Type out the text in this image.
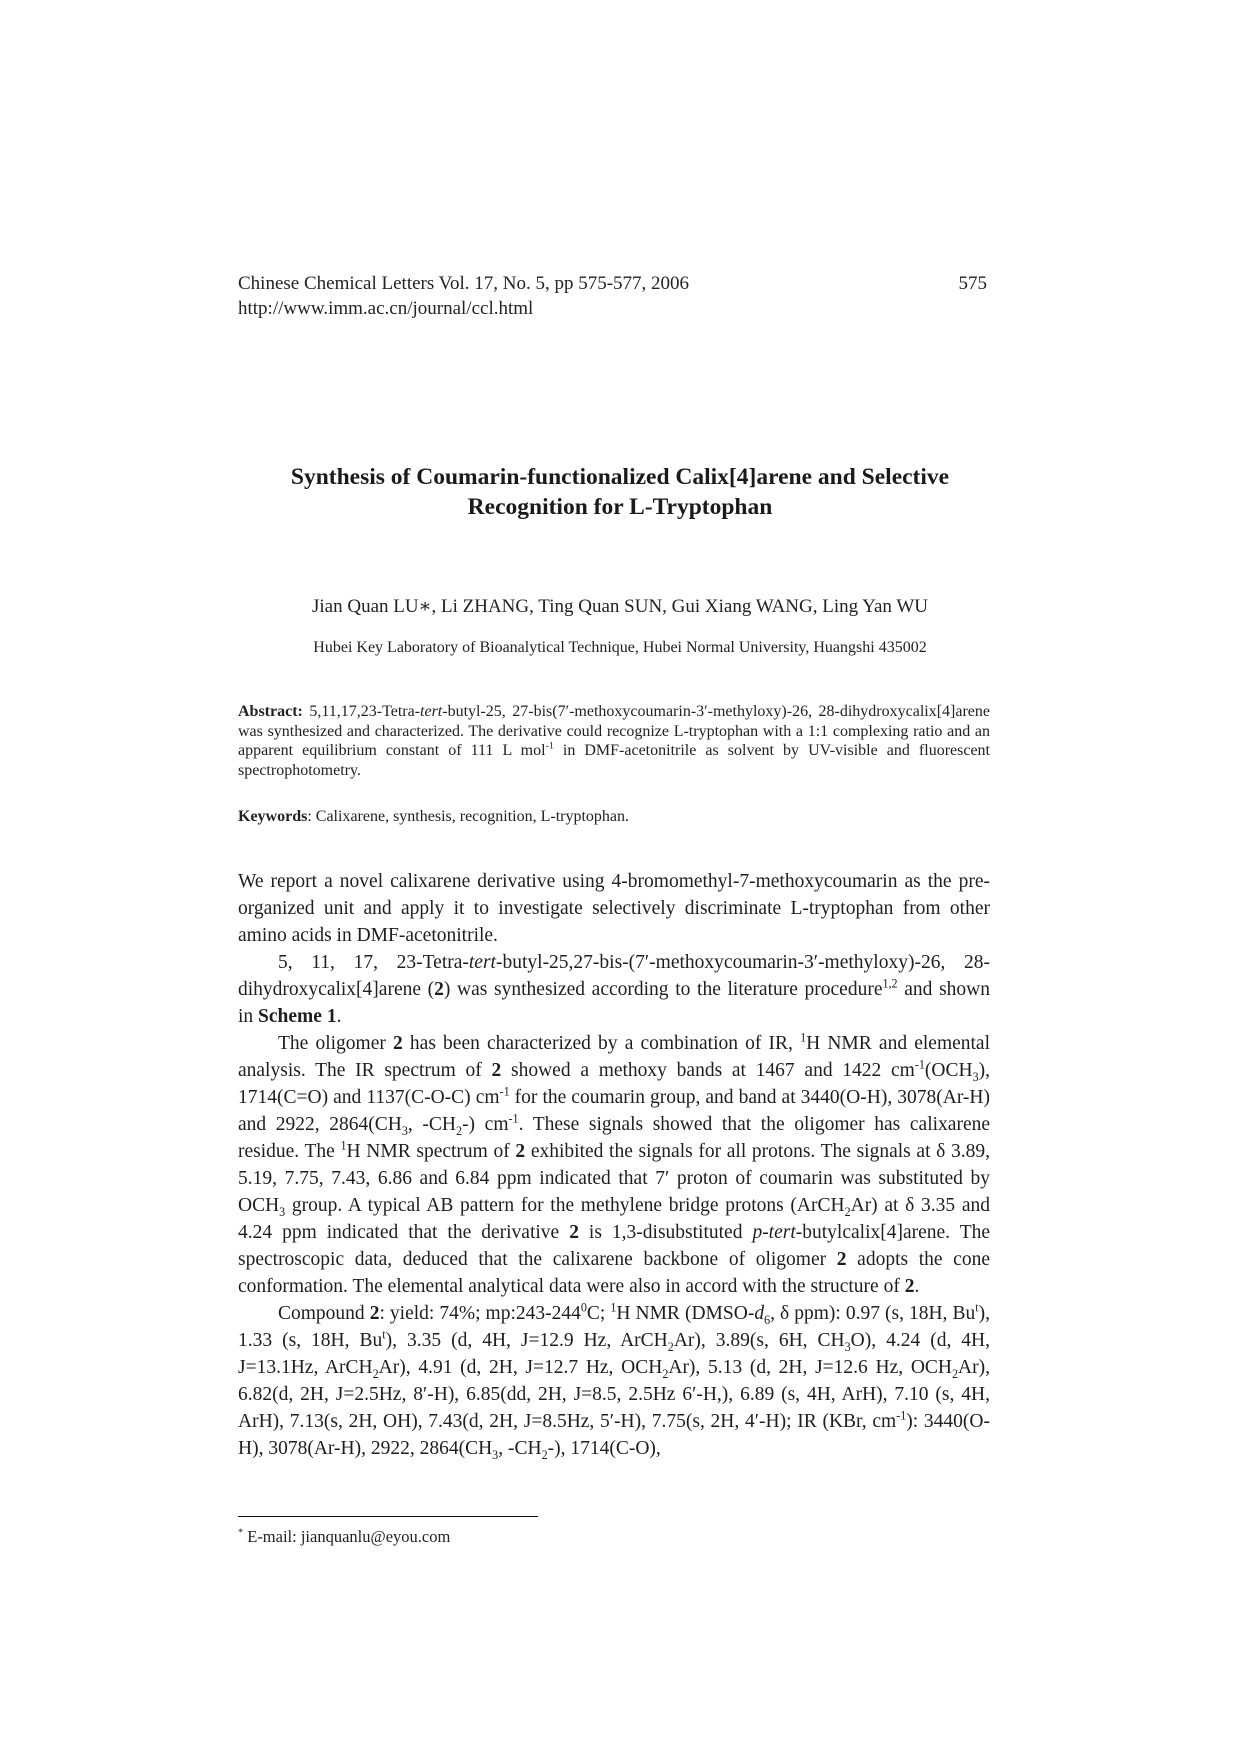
Chinese Chemical Letters Vol. 17, No. 5, pp 575-577, 2006
http://www.imm.ac.cn/journal/ccl.html
575
Synthesis of Coumarin-functionalized Calix[4]arene and Selective
Recognition for L-Tryptophan
Jian Quan LU∗, Li ZHANG, Ting Quan SUN, Gui Xiang WANG, Ling Yan WU
Hubei Key Laboratory of Bioanalytical Technique, Hubei Normal University, Huangshi 435002
Abstract: 5,11,17,23-Tetra-tert-butyl-25, 27-bis(7′-methoxycoumarin-3′-methyloxy)-26, 28-dihydroxycalix[4]arene was synthesized and characterized. The derivative could recognize L-tryptophan with a 1:1 complexing ratio and an apparent equilibrium constant of 111 L mol$^{-1}$ in DMF-acetonitrile as solvent by UV-visible and fluorescent spectrophotometry.
Keywords: Calixarene, synthesis, recognition, L-tryptophan.

We report a novel calixarene derivative using 4-bromomethyl-7-methoxycoumarin as the pre-organized unit and apply it to investigate selectively discriminate L-tryptophan from other amino acids in DMF-acetonitrile.

5, 11, 17, 23-Tetra-tert-butyl-25,27-bis-(7′-methoxycoumarin-3′-methyloxy)-26, 28-dihydroxycalix[4]arene (2) was synthesized according to the literature procedure$^{1,2}$ and shown in Scheme 1.

The oligomer 2 has been characterized by a combination of IR, $^1$H NMR and elemental analysis. The IR spectrum of 2 showed a methoxy bands at 1467 and 1422 $cm^{-1}(OCH_3)$, 1714(C=O) and 1137(C-O-C) $cm^{-1}$ for the coumarin group, and band at 3440(O-H), 3078(Ar-H) and 2922, $2864(CH_3$, $-CH_2-$) $cm^{-1}$. These signals showed that the oligomer has calixarene residue. The $^1$H NMR spectrum of 2 exhibited the signals for all protons. The signals at δ 3.89, 5.19, 7.75, 7.43, 6.86 and 6.84 ppm indicated that 7′ proton of coumarin was substituted by $OCH_3$ group. A typical AB pattern for the methylene bridge protons (ArCH$_2$Ar) at δ 3.35 and 4.24 ppm indicated that the derivative 2 is 1,3-disubstituted p-tert-butylcalix[4]arene. The spectroscopic data, deduced that the calixarene backbone of oligomer 2 adopts the cone conformation. The elemental analytical data were also in accord with the structure of 2.

Compound 2: yield: 74%; $mp:243-244^0C$; $^1$H NMR ($DMSO-d_6$, δ ppm): 0.97 (s, 18H, Bu$^t$), 1.33 (s, 18H, Bu$^t$), 3.35 (d, 4H, J=12.9 Hz, ArCH$_2$Ar), 3.89(s, 6H, $CH_3O$), 4.24 (d, 4H, J=13.1Hz, ArCH$_2$Ar), 4.91 (d, 2H, J=12.7 Hz, $OCH_2Ar$), 5.13 (d, 2H, J=12.6 Hz, $OCH_2Ar$), 6.82(d, 2H, J=2.5Hz, 8′-H), 6.85(dd, 2H, J=8.5, 2.5Hz 6′-H,), 6.89 (s, 4H, ArH), 7.10 (s, 4H, ArH), 7.13(s, 2H, OH), 7.43(d, 2H, J=8.5Hz, 5′-H), 7.75(s, 2H, 4′-H); IR (KBr, $cm^{-1}$): 3440(O-H), 3078(Ar-H), 2922, $2864(CH_3$, $-CH_2-$), 1714(C-O),

* E-mail: jianquanlu@eyou.com
